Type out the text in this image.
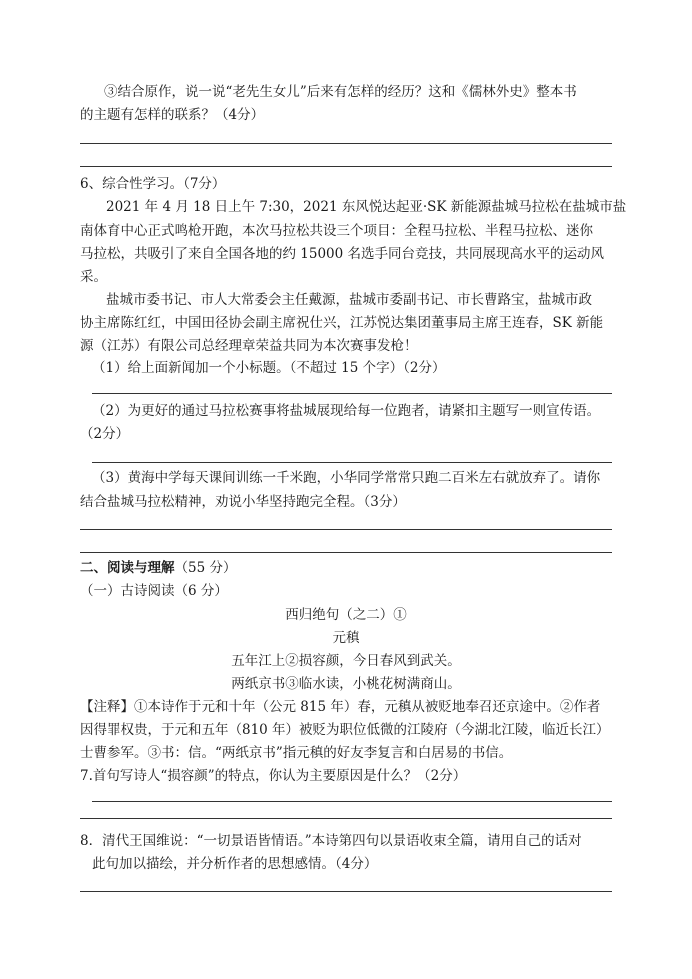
③结合原作，说一说“老先生女儿”后来有怎样的经历？这和《儒林外史》整本书
的主题有怎样的联系？（4分）
6、综合性学习。（7分）
2021 年 4 月 18 日上午 7:30，2021 东风悦达起亚·SK 新能源盐城马拉松在盐城市盐
南体育中心正式鸣枪开跑，本次马拉松共设三个项目：全程马拉松、半程马拉松、迷你
马拉松，共吸引了来自全国各地的约 15000 名选手同台竞技，共同展现高水平的运动风
采。
盐城市委书记、市人大常委会主任戴源，盐城市委副书记、市长曹路宝，盐城市政
协主席陈红红，中国田径协会副主席祝仕兴，江苏悦达集团董事局主席王连春，SK 新能
源（江苏）有限公司总经理章荣益共同为本次赛事发枪！
（1）给上面新闻加一个小标题。（不超过 15 个字）（2分）
（2）为更好的通过马拉松赛事将盐城展现给每一位跑者，请紧扣主题写一则宣传语。
（2分）
（3）黄海中学每天课间训练一千米跑，小华同学常常只跑二百米左右就放弃了。请你
结合盐城马拉松精神，劝说小华坚持跑完全程。（3分）
二、阅读与理解（55 分）
（一）古诗阅读（6 分）
西归绝句（之二）①
元稹
五年江上②损容颜，今日春风到武关。
两纸京书③临水读，小桃花树满商山。
【注释】①本诗作于元和十年（公元 815 年）春，元稹从被贬地奉召还京途中。②作者
因得罪权贵，于元和五年（810 年）被贬为职位低微的江陵府（今湖北江陵，临近长江）
士曹参军。③书：信。“两纸京书”指元稹的好友李复言和白居易的书信。
7.首句写诗人“损容颜”的特点，你认为主要原因是什么？（2分）
8．清代王国维说：“一切景语皆情语。”本诗第四句以景语收束全篇，请用自己的话对
此句加以描绘，并分析作者的思想感情。（4分）
